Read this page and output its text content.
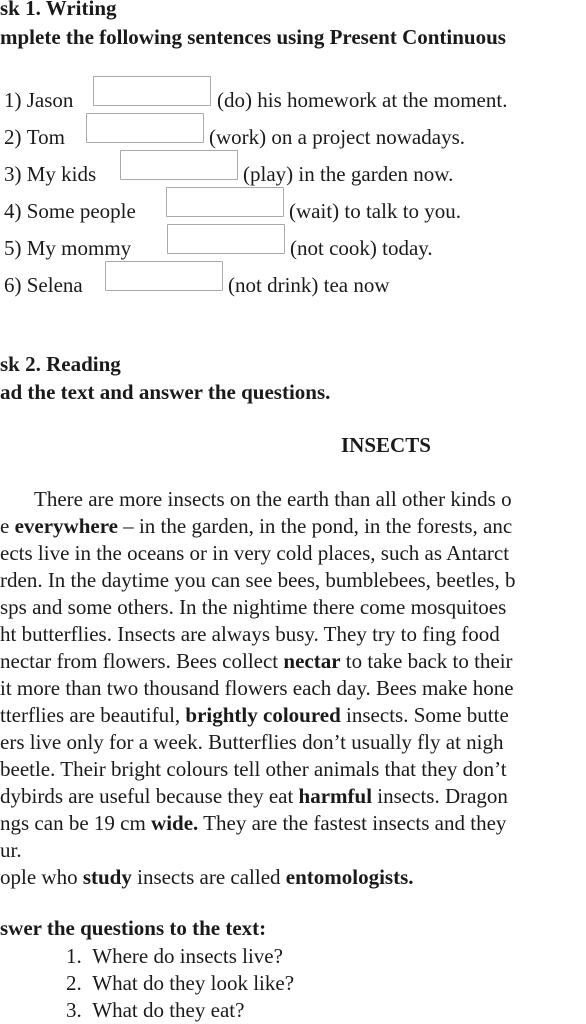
sk 1. Writing
mplete the following sentences using Present Continuous
1) Jason	(do) his homework at the moment.
2) Tom	(work) on a project nowadays.
3) My kids	(play) in the garden now.
4) Some people	(wait) to talk to you.
5) My mommy	(not cook) today.
6) Selena	(not drink) tea now
sk 2. Reading
ad the text and answer the questions.
INSECTS
There are more insects on the earth than all other kinds o
e everywhere – in the garden, in the pond, in the forests, anc
ects live in the oceans or in very cold places, such as Antarct
rden. In the daytime you can see bees, bumblebees, beetles, b
sps and some others. In the nightime there come mosquitoes
ht butterflies. Insects are always busy. They try to fing food
nectar from flowers. Bees collect nectar to take back to their
it more than two thousand flowers each day. Bees make hone
tterflies are beautiful, brightly coloured insects. Some butte
ers live only for a week. Butterflies don’t usually fly at nigh
beetle. Their bright colours tell other animals that they don’t
dybirds are useful because they eat harmful insects. Dragon
ngs can be 19 cm wide. They are the fastest insects and they
ur.
ople who study insects are called entomologists.
swer the questions to the text:
1. Where do insects live?
2. What do they look like?
3. What do they eat?
